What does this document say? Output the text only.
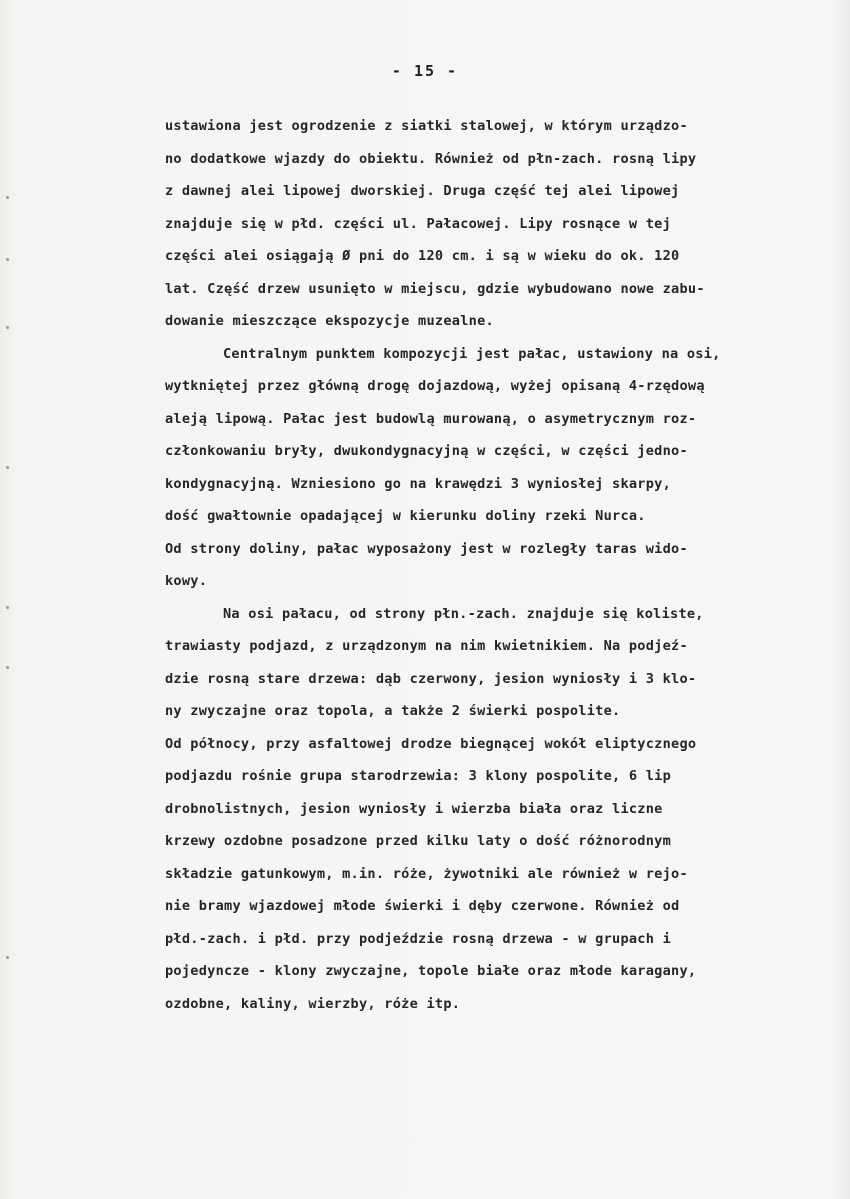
- 15 -
ustawiona jest ogrodzenie z siatki stalowej, w którym urządzo-
no dodatkowe wjazdy do obiektu. Również od płn-zach. rosną lipy
z dawnej alei lipowej dworskiej. Druga część tej alei lipowej
znajduje się w płd. części ul. Pałacowej. Lipy rosnące w tej
części alei osiągają Ø pni do 120 cm. i są w wieku do ok. 120
lat. Część drzew usunięto w miejscu, gdzie wybudowano nowe zabu-
dowanie mieszczące ekspozycje muzealne.
Centralnym punktem kompozycji jest pałac, ustawiony na osi,
wytkniętej przez główną drogę dojazdową, wyżej opisaną 4-rzędową
aleją lipową. Pałac jest budowlą murowaną, o asymetrycznym roz-
członkowaniu bryły, dwukondygnacyjną w części, w części jedno-
kondygnacyjną. Wzniesiono go na krawędzi 3 wyniosłej skarpy,
dość gwałtownie opadającej w kierunku doliny rzeki Nurca.
Od strony doliny, pałac wyposażony jest w rozległy taras wido-
kowy.
Na osi pałacu, od strony płn.-zach. znajduje się koliste,
trawiasty podjazd, z urządzonym na nim kwietnikiem. Na podjeź-
dzie rosną stare drzewa: dąb czerwony, jesion wyniosły i 3 klo-
ny zwyczajne oraz topola, a także 2 świerki pospolite.
Od północy, przy asfaltowej drodze biegnącej wokół eliptycznego
podjazdu rośnie grupa starodrzewia: 3 klony pospolite, 6 lip
drobnolistnych, jesion wyniosły i wierzba biała oraz liczne
krzewy ozdobne posadzone przed kilku laty o dość różnorodnym
składzie gatunkowym, m.in. róże, żywotniki ale również w rejo-
nie bramy wjazdowej młode świerki i dęby czerwone. Również od
płd.-zach. i płd. przy podjeździe rosną drzewa - w grupach i
pojedyncze - klony zwyczajne, topole białe oraz młode karagany,
ozdobne, kaliny, wierzby, róże itp.
